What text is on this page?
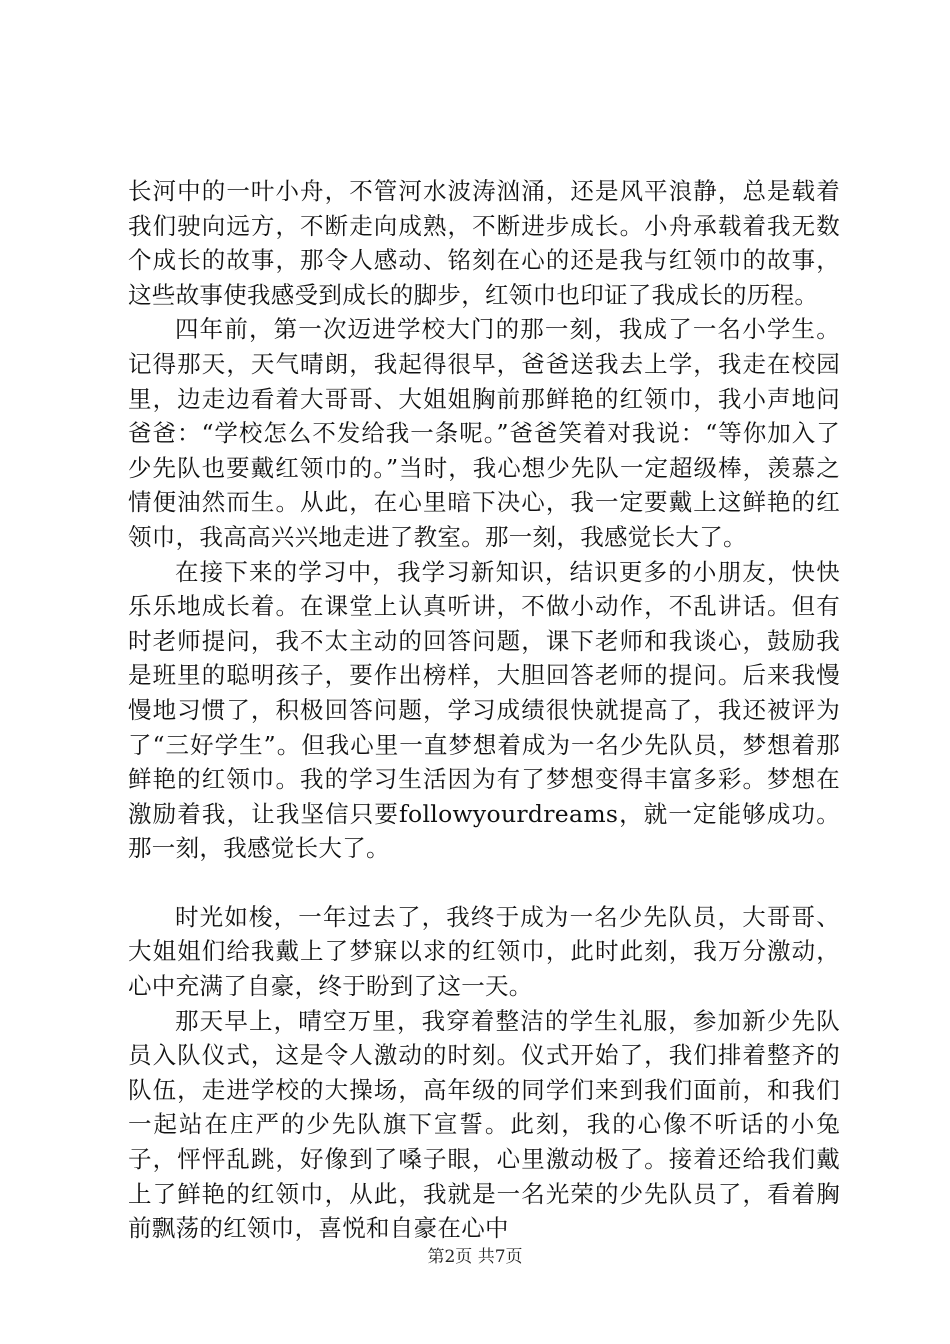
长河中的一叶小舟，不管河水波涛汹涌，还是风平浪静，总是载着我们驶向远方，不断走向成熟，不断进步成长。小舟承载着我无数个成长的故事，那令人感动、铭刻在心的还是我与红领巾的故事，这些故事使我感受到成长的脚步，红领巾也印证了我成长的历程。

四年前，第一次迈进学校大门的那一刻，我成了一名小学生。记得那天，天气晴朗，我起得很早，爸爸送我去上学，我走在校园里，边走边看着大哥哥、大姐姐胸前那鲜艳的红领巾，我小声地问爸爸：“学校怎么不发给我一条呢。”爸爸笑着对我说：“等你加入了少先队也要戴红领巾的。”当时，我心想少先队一定超级棒，羡慕之情便油然而生。从此，在心里暗下决心，我一定要戴上这鲜艳的红领巾，我高高兴兴地走进了教室。那一刻，我感觉长大了。

在接下来的学习中，我学习新知识，结识更多的小朋友，快快乐乐地成长着。在课堂上认真听讲，不做小动作，不乱讲话。但有时老师提问，我不太主动的回答问题，课下老师和我谈心，鼓励我是班里的聪明孩子，要作出榜样，大胆回答老师的提问。后来我慢慢地习惯了，积极回答问题，学习成绩很快就提高了，我还被评为了“三好学生”。但我心里一直梦想着成为一名少先队员，梦想着那鲜艳的红领巾。我的学习生活因为有了梦想变得丰富多彩。梦想在激励着我，让我坚信只要followyourdreams，就一定能够成功。那一刻，我感觉长大了。

时光如梭，一年过去了，我终于成为一名少先队员，大哥哥、大姐姐们给我戴上了梦寐以求的红领巾，此时此刻，我万分激动，心中充满了自豪，终于盼到了这一天。

那天早上，晴空万里，我穿着整洁的学生礼服，参加新少先队员入队仪式，这是令人激动的时刻。仪式开始了，我们排着整齐的队伍，走进学校的大操场，高年级的同学们来到我们面前，和我们一起站在庄严的少先队旗下宣誓。此刻，我的心像不听话的小兔子，怦怦乱跳，好像到了嗓子眼，心里激动极了。接着还给我们戴上了鲜艳的红领巾，从此，我就是一名光荣的少先队员了，看着胸前飘荡的红领巾，喜悦和自豪在心中

第2页 共7页
